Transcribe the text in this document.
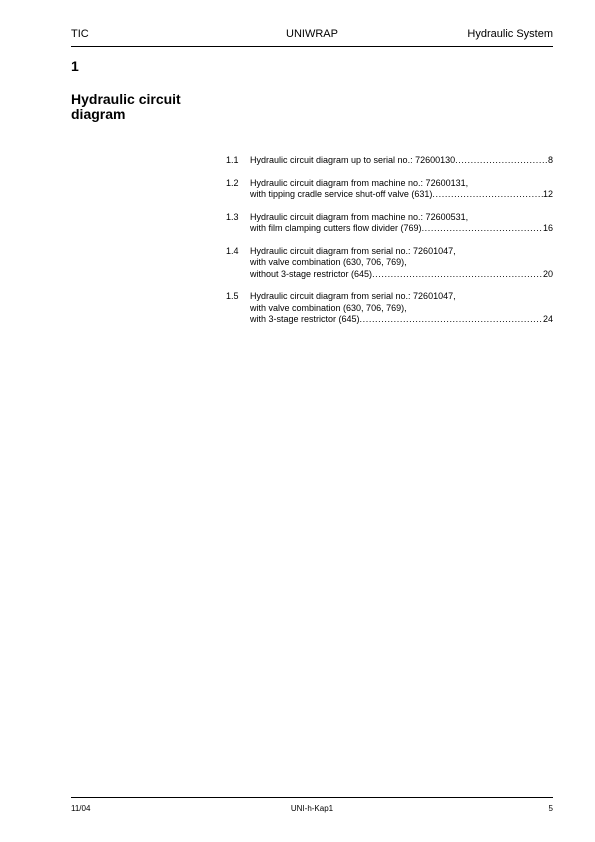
TIC	UNIWRAP	Hydraulic System
1
Hydraulic circuit diagram
1.1	Hydraulic circuit diagram up to serial no.: 72600130 .....	8
1.2	Hydraulic circuit diagram from machine no.: 72600131,
with tipping cradle service shut-off valve (631) .....	12
1.3	Hydraulic circuit diagram from machine no.: 72600531,
with film clamping cutters flow divider (769) .....	16
1.4	Hydraulic circuit diagram from serial no.: 72601047,
with valve combination (630, 706, 769),
without 3-stage restrictor (645) .....	20
1.5	Hydraulic circuit diagram from serial no.: 72601047,
with valve combination (630, 706, 769),
with 3-stage restrictor (645) .....	24
11/04	UNI-h-Kap1	5
